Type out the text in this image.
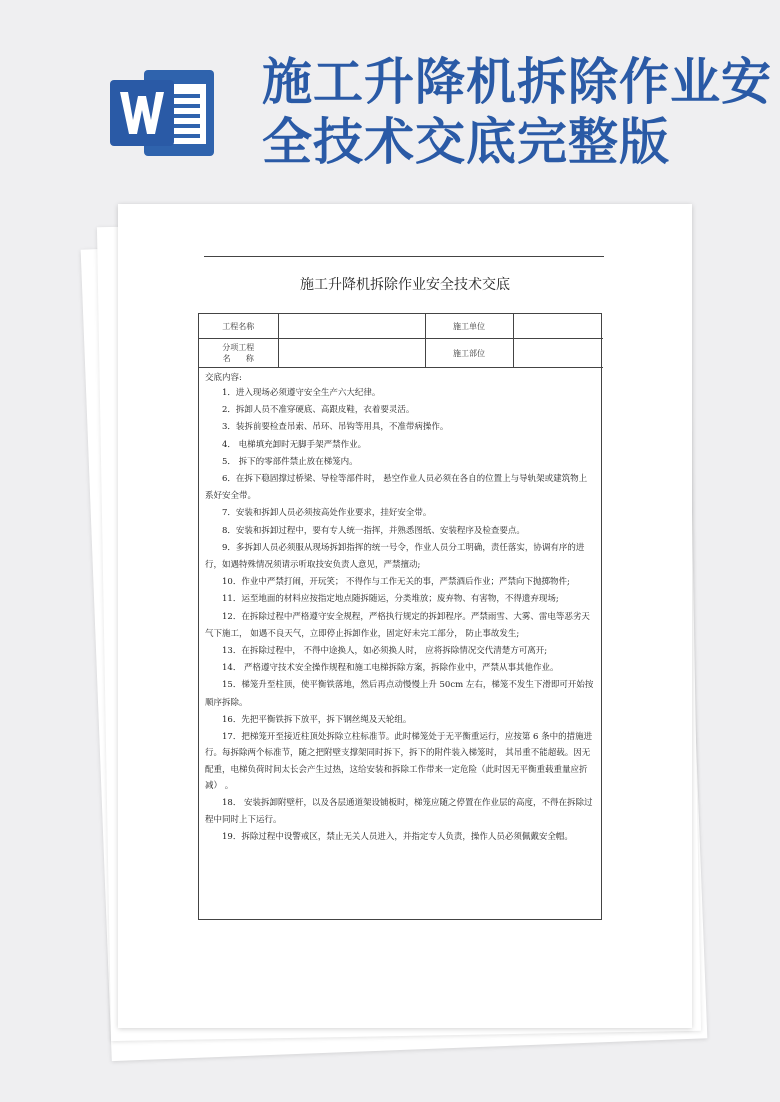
施工升降机拆除作业安全技术交底完整版
施工升降机拆除作业安全技术交底
工程名称		施工单位	

分项工程
名      称		施工部位	
交底内容:
1．进入现场必须遵守安全生产六大纪律。
2．拆卸人员不准穿硬底、高跟皮鞋，衣着要灵活。
3．装拆前要检查吊索、吊环、吊钩等用具，不准带病操作。
4． 电梯填充卸时无脚手架严禁作业。
5． 拆下的零部件禁止放在梯笼内。
6．在拆下稳固撑过桥梁、导栓等部件时， 悬空作业人员必须在各自的位置上与导轨架或建筑物上系好安全带。
7．安装和拆卸人员必须按高处作业要求，挂好安全带。
8．安装和拆卸过程中，要有专人统一指挥，并熟悉图纸、安装程序及检查要点。
9．多拆卸人员必须服从现场拆卸指挥的统一号令，作业人员分工明确，责任落实，协调有序的进行，如遇特殊情况须请示听取技安负责人意见，严禁擅动;
10．作业中严禁打闹，开玩笑； 不得作与工作无关的事，严禁酒后作业；严禁向下抛掷物件;
11．运至地面的材料应按指定地点随拆随运，分类堆放；废弃物、有害物，不得遗弃现场;
12．在拆除过程中严格遵守安全规程，严格执行规定的拆卸程序。严禁雨雪、大雾、雷电等恶劣天气下施工， 如遇不良天气，立即停止拆卸作业，固定好未完工部分， 防止事故发生;
13．在拆除过程中， 不得中途换人，如必须换人时， 应将拆除情况交代清楚方可离开;
14． 严格遵守技术安全操作规程和施工电梯拆除方案，拆除作业中，严禁从事其他作业。
15．梯笼升至柱顶，使平衡铁落地，然后再点动慢慢上升 50cm 左右，梯笼不发生下滑即可开始按顺序拆除。
16．先把平衡铁拆下放平，拆下钢丝绳及天轮组。
17．把梯笼开至接近柱顶处拆除立柱标准节。此时梯笼处于无平衡重运行，应按第 6 条中的措施进行。每拆除两个标准节，随之把附壁支撑架同时拆下，拆下的附件装入梯笼时， 其吊重不能超载。因无配重，电梯负荷时间太长会产生过热，这给安装和拆除工作带来一定危险（此时因无平衡重载重量应折减） 。
18． 安装拆卸附壁杆，以及各层通道架设铺板时，梯笼应随之停置在作业层的高度，不得在拆除过程中同时上下运行。
19．拆除过程中设警戒区，禁止无关人员进入，并指定专人负责，操作人员必须佩戴安全帽。
